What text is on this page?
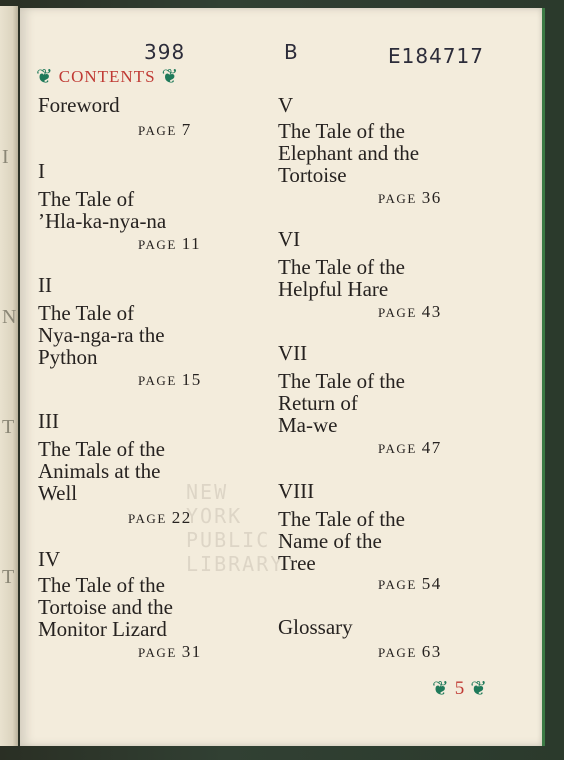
I
N
T
T
398	B	E184717
❦ CONTENTS ❦
Foreword
PAGE 7
I
The Tale of
’Hla-ka-nya-na
PAGE 11
II
The Tale of
Nya-nga-ra the
Python
PAGE 15
III
The Tale of the
Animals at the
Well
PAGE 22
IV
The Tale of the
Tortoise and the
Monitor Lizard
PAGE 31
V
The Tale of the
Elephant and the
Tortoise
PAGE 36
VI
The Tale of the
Helpful Hare
PAGE 43
VII
The Tale of the
Return of
Ma-we
PAGE 47
NEW YORK
PUBLIC
LIBRARY
VIII
The Tale of the
Name of the
Tree
PAGE 54
Glossary
PAGE 63
❦ 5 ❦
